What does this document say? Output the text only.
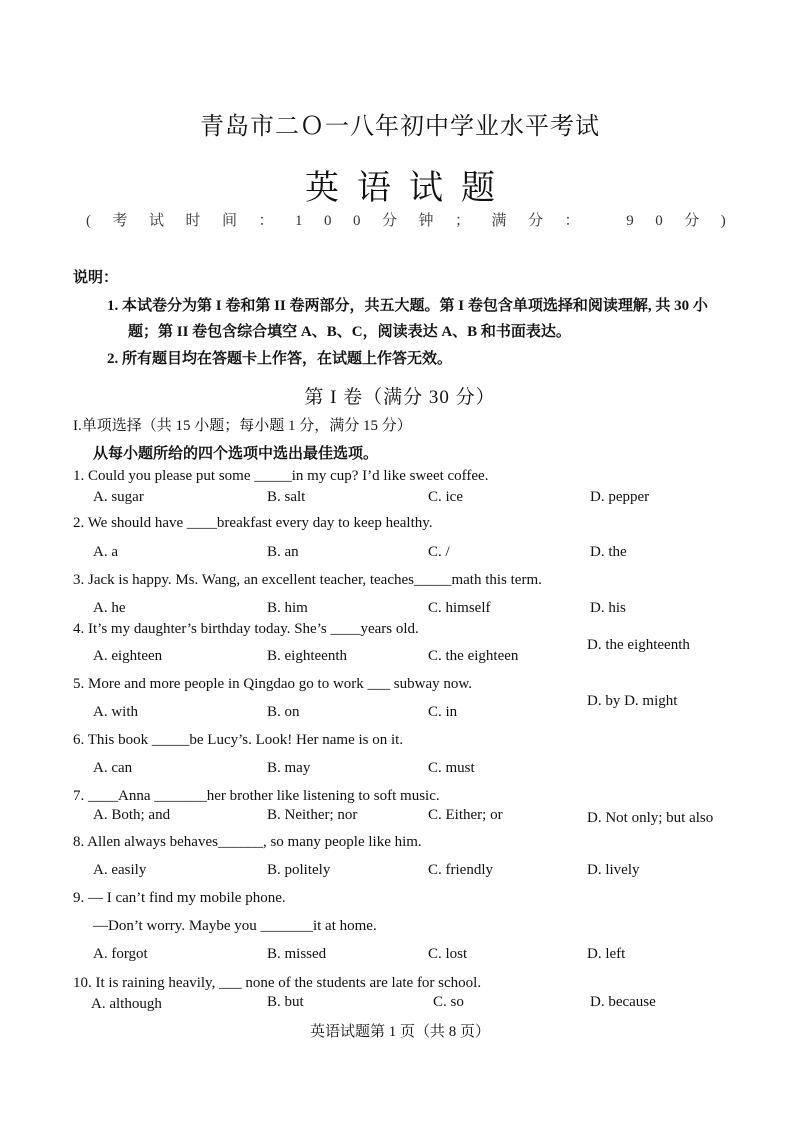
青岛市二Ｏ一八年初中学业水平考试
英语试题
(考试时间：100分钟；满分： 90分)
说明：
1. 本试卷分为第 I 卷和第 II 卷两部分，共五大题。第 I 卷包含单项选择和阅读理解, 共 30 小
题；第 II 卷包含综合填空 A、B、C，阅读表达 A、B 和书面表达。
2. 所有题目均在答题卡上作答，在试题上作答无效。
第 I 卷（满分 30 分）
I.单项选择（共 15 小题；每小题 1 分，满分 15 分）
从每小题所给的四个选项中选出最佳选项。
1. Could you please put some _____in my cup? I’d like sweet coffee.
A. sugar	B. salt	C. ice	D. pepper
2. We should have ____breakfast every day to keep healthy.
A. a	B. an	C. /	D. the
3. Jack is happy. Ms. Wang, an excellent teacher, teaches_____math this term.
A. he	B. him	C. himself	D. his
4. It’s my daughter’s birthday today. She’s ____years old.
A. eighteen	B. eighteenth	C. the eighteen
D. the eighteenth
5. More and more people in Qingdao go to work ___ subway now.
A. with	B. on	C. in
D. by D. might
6. This book _____be Lucy’s. Look! Her name is on it.
A. can	B. may	C. must
7. ____Anna _______her brother like listening to soft music.
A. Both; and	B. Neither; nor	C. Either; or	D. Not only; but also
8. Allen always behaves______, so many people like him.
A. easily	B. politely	C. friendly	D. lively
9. — I can’t find my mobile phone.
—Don’t worry. Maybe you _______it at home.
A. forgot	B. missed	C. lost	D. left
10. It is raining heavily, ___ none of the students are late for school.
A. although	B. but	C. so	D. because
英语试题第 1 页（共 8 页）
